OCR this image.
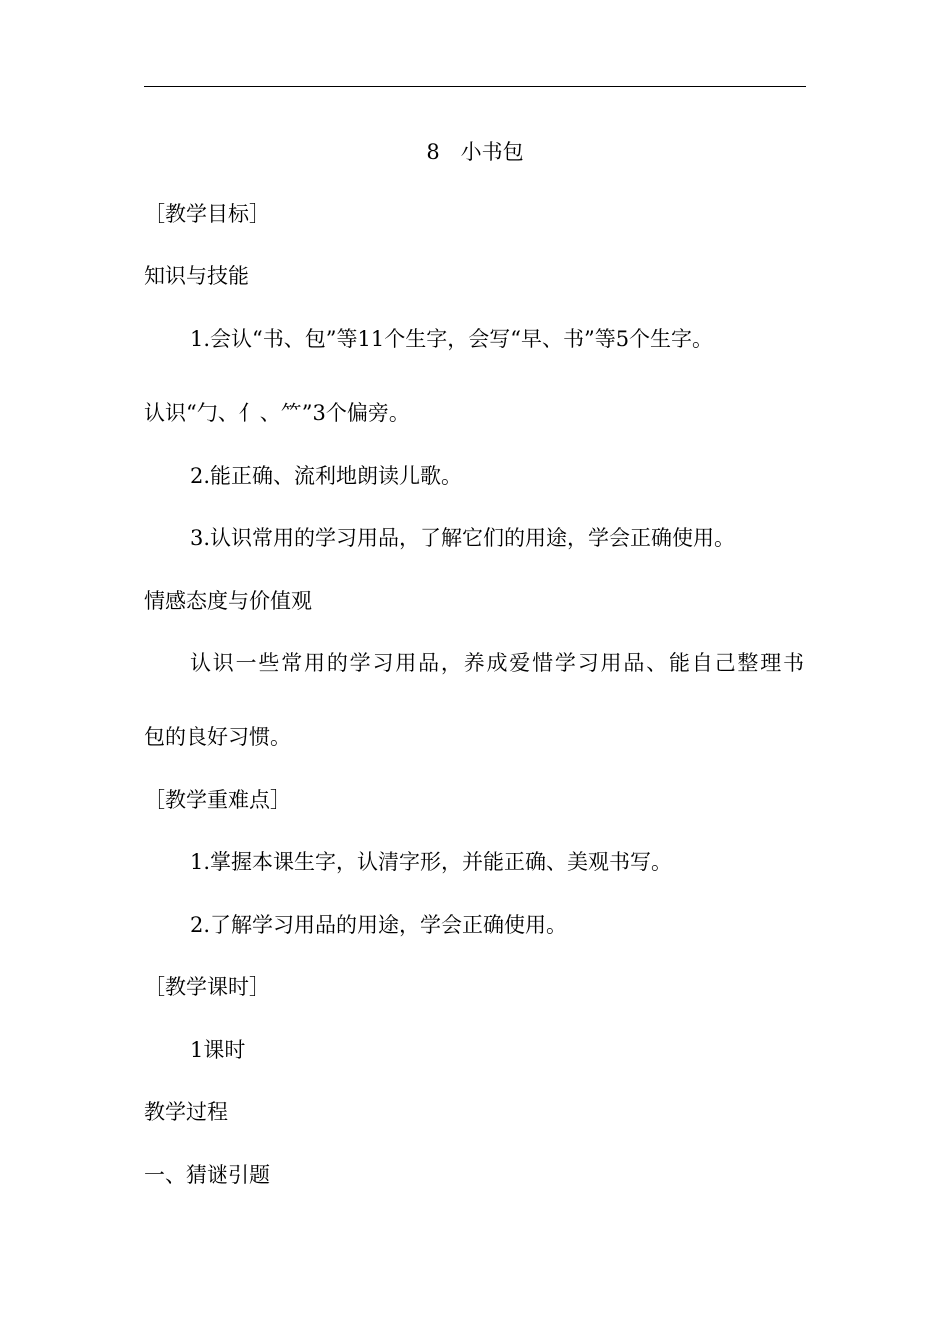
8　小书包
［教学目标］
知识与技能
1.会认“书、包”等11个生字，会写“早、书”等5个生字。
认识“勹、亻、⺮”3个偏旁。
2.能正确、流利地朗读儿歌。
3.认识常用的学习用品，了解它们的用途，学会正确使用。
情感态度与价值观
认识一些常用的学习用品，养成爱惜学习用品、能自己整理书
包的良好习惯。
［教学重难点］
1.掌握本课生字，认清字形，并能正确、美观书写。
2.了解学习用品的用途，学会正确使用。
［教学课时］
1课时
教学过程
一、猜谜引题
